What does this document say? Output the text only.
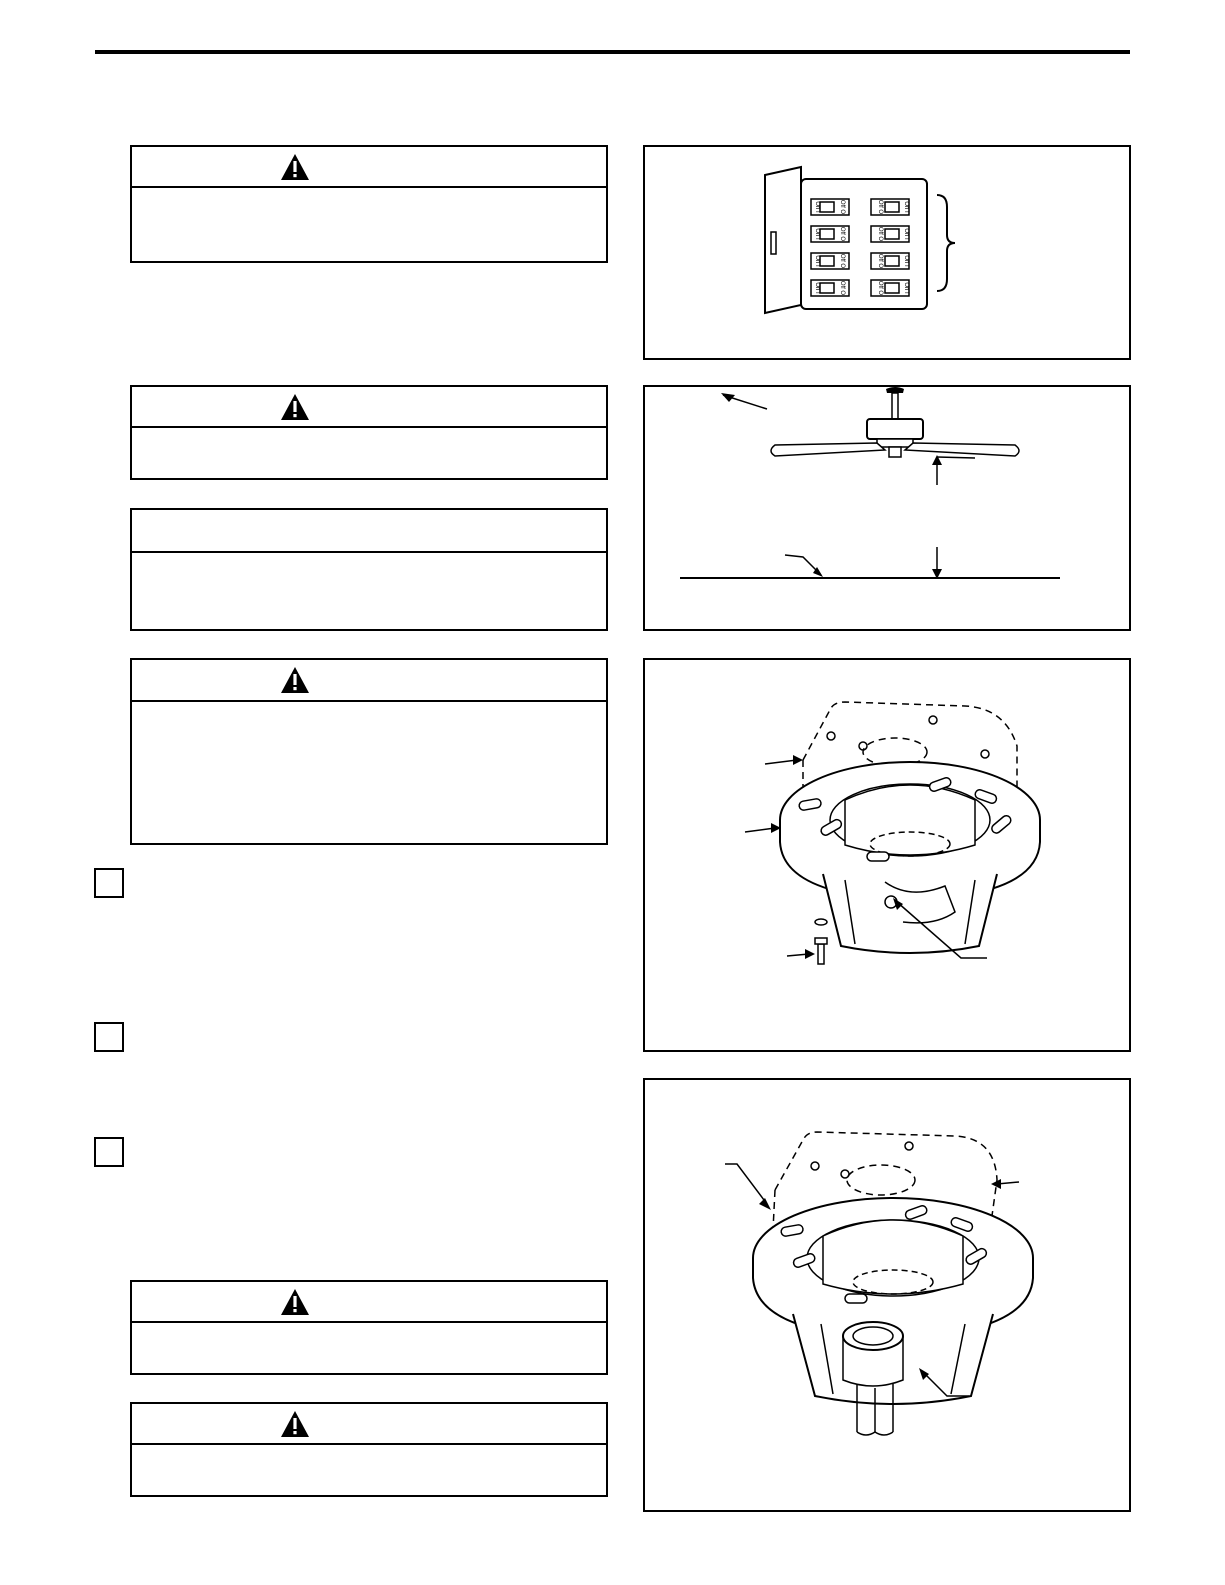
On I	Off O
On I	Off O
On I	Off O
On I	Off O
On I
Off O
On I
Off O
On I
Off O
On I
Off O
